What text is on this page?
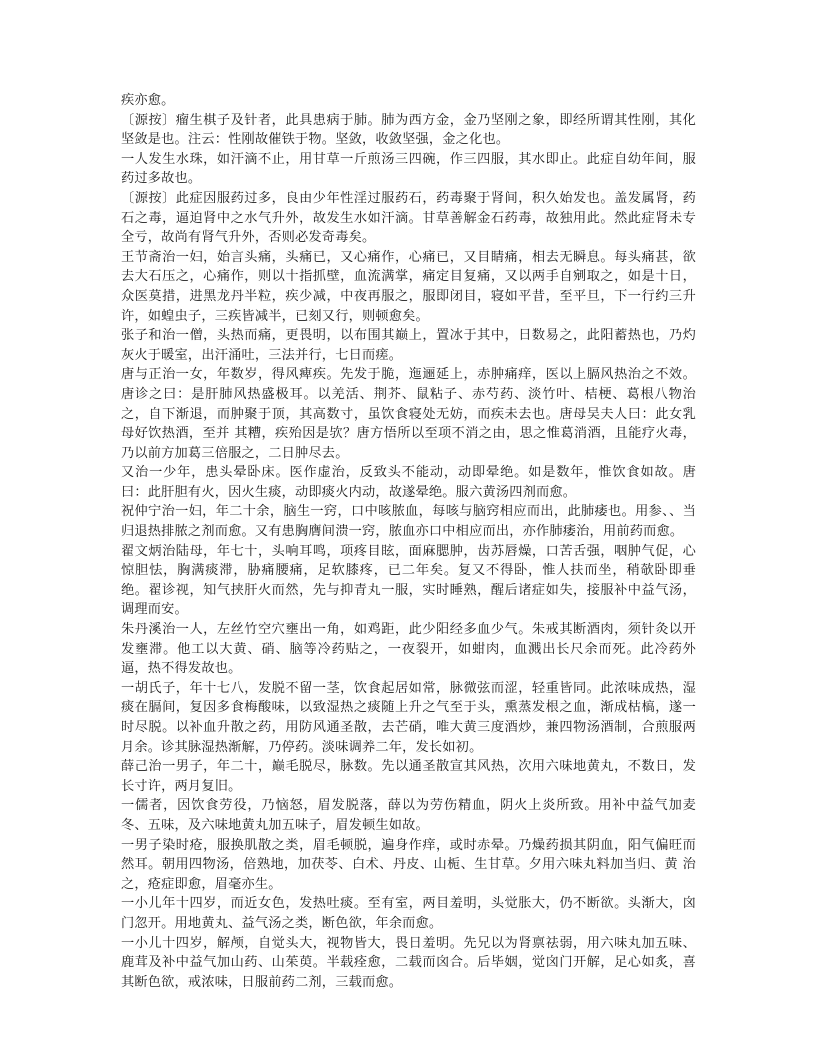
疾亦愈。

〔源按〕瘤生棋子及针者，此具患病于肺。肺为西方金，金乃坚刚之象，即经所谓其性刚，其化坚敛是也。注云：性刚故催铁于物。坚敛，收敛坚强，金之化也。

一人发生水珠，如汗滴不止，用甘草一斤煎汤三四碗，作三四服，其水即止。此症自幼年间，服药过多故也。

〔源按〕此症因服药过多，良由少年性淫过服药石，药毒聚于肾间，积久始发也。盖发属肾，药石之毒，逼迫肾中之水气升外，故发生水如汗滴。甘草善解金石药毒，故独用此。然此症肾未专全亏，故尚有肾气升外，否则必发奇毒矣。

王节斋治一妇，始言头痛，头痛已，又心痛作，心痛已，又目睛痛，相去无瞬息。每头痛甚，欲去大石压之，心痛作，则以十指抓壁，血流满掌，痛定目复痛，又以两手自剜取之，如是十日，众医莫措，进黑龙丹半粒，疾少减，中夜再服之，服即闭目，寝如平昔，至平旦，下一行约三升许，如蝗虫子，三疾皆减半，已刻又行，则顿愈矣。

张子和治一僧，头热而痛，更畏明，以布围其巅上，置冰于其中，日数易之，此阳蓄热也，乃灼灰火于暖室，出汗涌吐，三法并行，七日而瘥。

唐与正治一女，年数岁，得风痺疾。先发于脆，迤逦延上，赤肿痛痒，医以上膈风热治之不效。唐诊之曰：是肝肺风热盛极耳。以羌活、荆芥、鼠粘子、赤芍药、淡竹叶、桔梗、葛根八物治之，自下渐退，而肿聚于顶，其高数寸，虽饮食寝处无妨，而疾未去也。唐母吴夫人曰：此女乳母好饮热酒，至并 其糟，疾殆因是欤？唐方悟所以至项不消之由，思之惟葛消酒，且能疗火毒，乃以前方加葛三倍服之，二日肿尽去。

又治一少年，患头晕卧床。医作虚治，反致头不能动，动即晕绝。如是数年，惟饮食如故。唐曰：此肝胆有火，因火生痰，动即痰火内动，故遂晕绝。服六黄汤四剂而愈。

祝仲宁治一妇，年二十余，脑生一窍，口中咳脓血，每咳与脑窍相应而出，此肺痿也。用参、、当归退热排脓之剂而愈。又有患胸膺间溃一窍，脓血亦口中相应而出，亦作肺痿治，用前药而愈。

翟文炳治陆母，年七十，头响耳鸣，项疼目眩，面麻腮肿，齿苏唇燥，口苦舌强，咽肿气促，心惊胆怯，胸满痰滞，胁痛腰痛，足软膝疼，已二年矣。复又不得卧，惟人扶而坐，稍欹卧即垂绝。翟诊视，知气挟肝火而然，先与抑青丸一服，实时睡熟，醒后诸症如失，接服补中益气汤，调理而安。

朱丹溪治一人，左丝竹空穴壅出一角，如鸡距，此少阳经多血少气。朱戒其断酒肉，须针灸以开发壅滞。他工以大黄、硝、脑等冷药贴之，一夜裂开，如蚶肉，血溅出长尺余而死。此冷药外逼，热不得发故也。

一胡氏子，年十七八，发脱不留一茎，饮食起居如常，脉微弦而涩，轻重皆同。此浓味成热，湿痰在膈间，复因多食梅酸味，以致湿热之痰随上升之气至于头，熏蒸发根之血，渐成枯槁，遂一时尽脱。以补血升散之药，用防风通圣散，去芒硝，唯大黄三度酒炒，兼四物汤酒制，合煎服两月余。诊其脉湿热渐解，乃停药。淡味调养二年，发长如初。

薛己治一男子，年二十，巅毛脱尽，脉数。先以通圣散宣其风热，次用六味地黄丸，不数日，发长寸许，两月复旧。

一儒者，因饮食劳役，乃恼怒，眉发脱落，薛以为劳伤精血，阴火上炎所致。用补中益气加麦冬、五味，及六味地黄丸加五味子，眉发顿生如故。

一男子染时疮，服换肌散之类，眉毛顿脱，遍身作痒，或时赤晕。乃燥药损其阴血，阳气偏旺而然耳。朝用四物汤，倍熟地，加茯苓、白术、丹皮、山栀、生甘草。夕用六味丸料加当归、黄 治之，疮症即愈，眉毫亦生。

一小儿年十四岁，而近女色，发热吐痰。至有室，两目羞明，头觉胀大，仍不断欲。头渐大，囟门忽开。用地黄丸、益气汤之类，断色欲，年余而愈。

一小儿十四岁，解颅，自觉头大，视物皆大，畏日羞明。先兄以为肾禀祛弱，用六味丸加五味、鹿茸及补中益气加山药、山茱萸。半载痊愈，二载而囟合。后毕姻，觉囟门开解，足心如炙，喜其断色欲，戒浓味，日服前药二剂，三载而愈。
